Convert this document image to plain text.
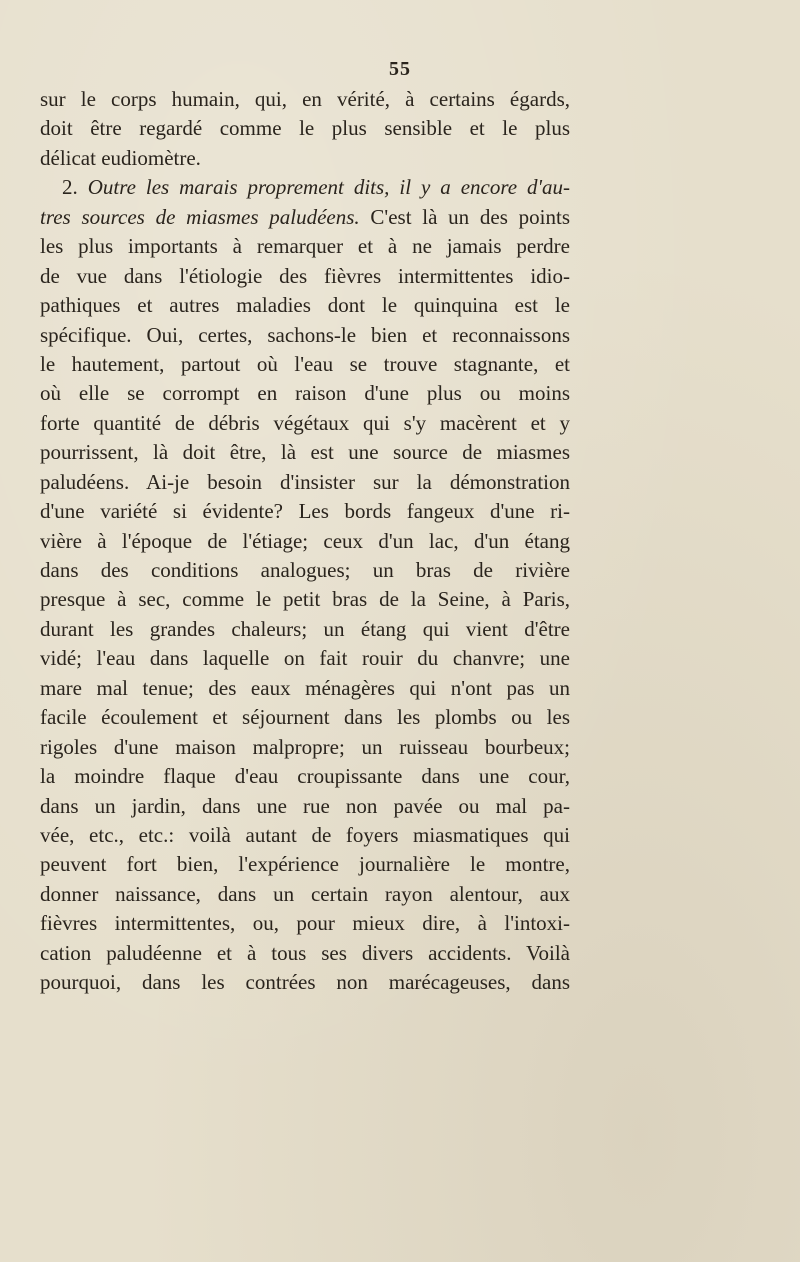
55
sur le corps humain, qui, en vérité, à certains égards,
doit être regardé comme le plus sensible et le plus
délicat eudiomètre.
2. Outre les marais proprement dits, il y a encore d'au-
tres sources de miasmes paludéens. C'est là un des points
les plus importants à remarquer et à ne jamais perdre
de vue dans l'étiologie des fièvres intermittentes idio-
pathiques et autres maladies dont le quinquina est le
spécifique. Oui, certes, sachons-le bien et reconnaissons
le hautement, partout où l'eau se trouve stagnante, et
où elle se corrompt en raison d'une plus ou moins
forte quantité de débris végétaux qui s'y macèrent et y
pourrissent, là doit être, là est une source de miasmes
paludéens. Ai-je besoin d'insister sur la démonstration
d'une variété si évidente? Les bords fangeux d'une ri-
vière à l'époque de l'étiage; ceux d'un lac, d'un étang
dans des conditions analogues; un bras de rivière
presque à sec, comme le petit bras de la Seine, à Paris,
durant les grandes chaleurs; un étang qui vient d'être
vidé; l'eau dans laquelle on fait rouir du chanvre; une
mare mal tenue; des eaux ménagères qui n'ont pas un
facile écoulement et séjournent dans les plombs ou les
rigoles d'une maison malpropre; un ruisseau bourbeux;
la moindre flaque d'eau croupissante dans une cour,
dans un jardin, dans une rue non pavée ou mal pa-
vée, etc., etc.: voilà autant de foyers miasmatiques qui
peuvent fort bien, l'expérience journalière le montre,
donner naissance, dans un certain rayon alentour, aux
fièvres intermittentes, ou, pour mieux dire, à l'intoxi-
cation paludéenne et à tous ses divers accidents. Voilà
pourquoi, dans les contrées non marécageuses, dans
